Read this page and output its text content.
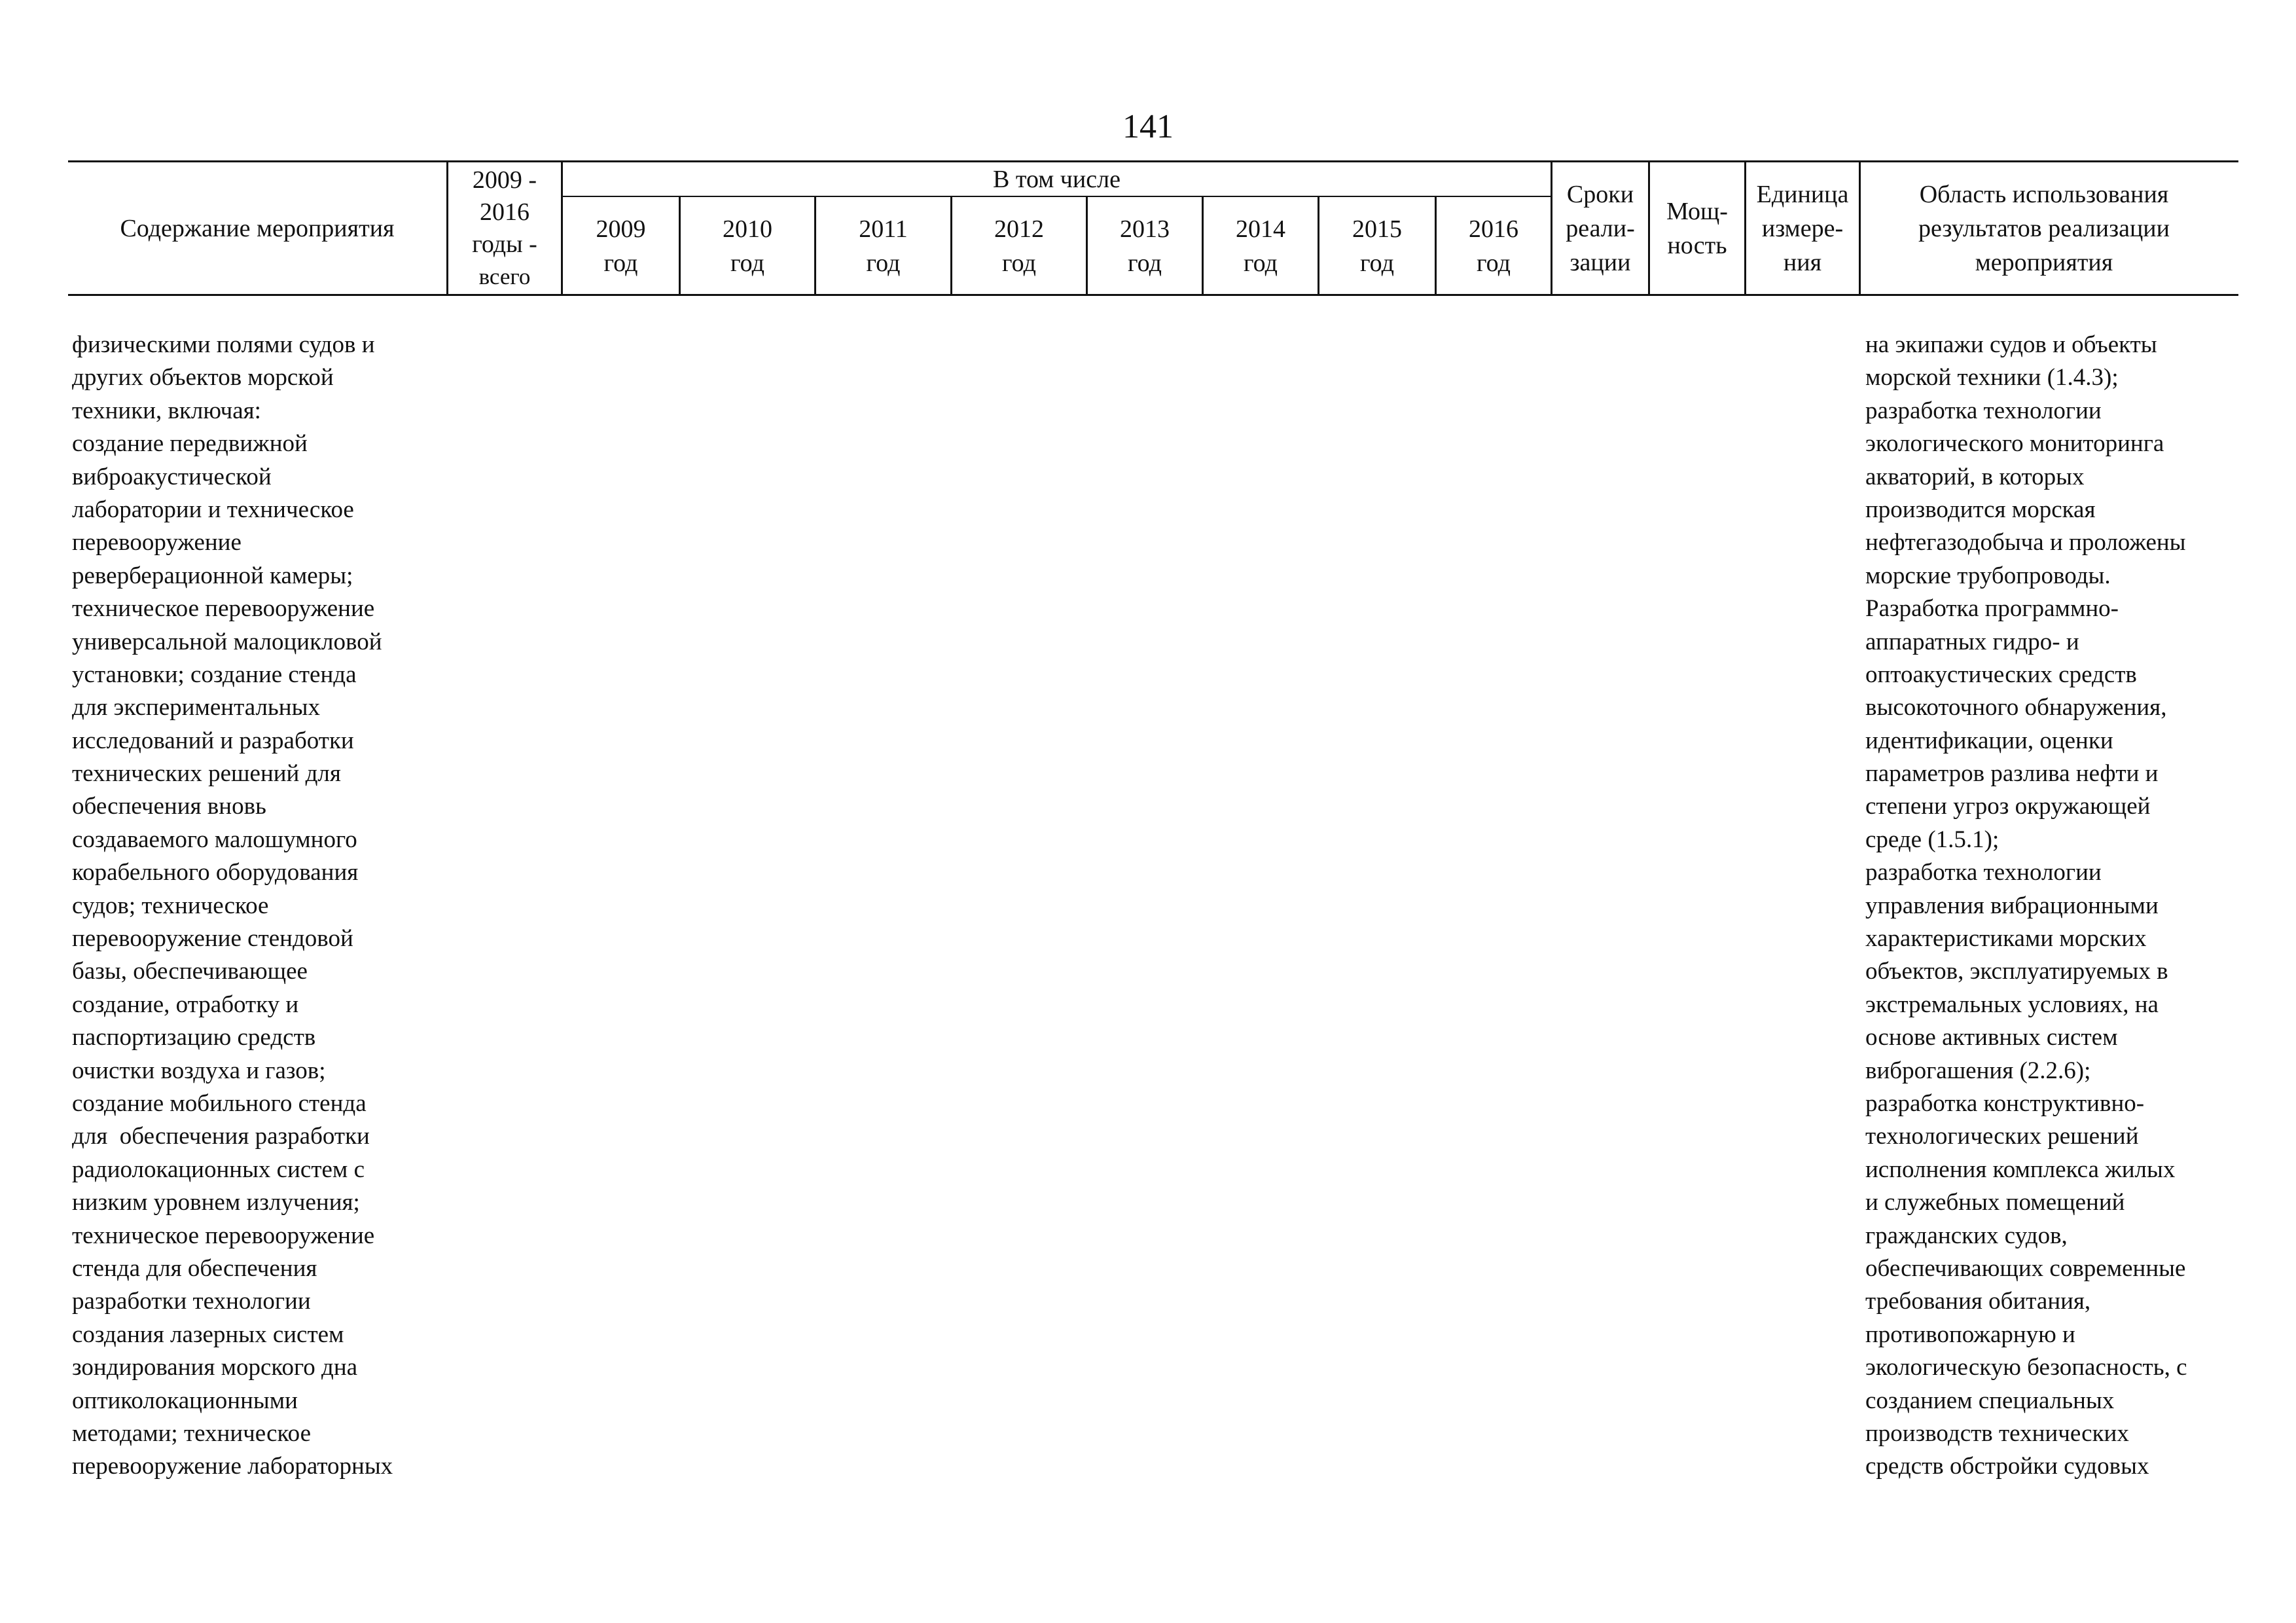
141
Содержание мероприятия
2009 -
2016
годы -
всего
В том числе
2009
год
2010
год
2011
год
2012
год
2013
год
2014
год
2015
год
2016
год
Сроки
реали-
зации
Мощ-
ность
Единица
измере-
ния
Область использования
результатов реализации
мероприятия
физическими полями судов и
других объектов морской
техники, включая:
создание передвижной
виброакустической
лаборатории и техническое
перевооружение
реверберационной камеры;
техническое перевооружение
универсальной малоцикловой
установки; создание стенда
для экспериментальных
исследований и разработки
технических решений для
обеспечения вновь
создаваемого малошумного
корабельного оборудования
судов; техническое
перевооружение стендовой
базы, обеспечивающее
создание, отработку и
паспортизацию средств
очистки воздуха и газов;
создание мобильного стенда
для  обеспечения разработки
радиолокационных систем с
низким уровнем излучения;
техническое перевооружение
стенда для обеспечения
разработки технологии
создания лазерных систем
зондирования морского дна
оптиколокационными
методами; техническое
перевооружение лабораторных
на экипажи судов и объекты
морской техники (1.4.3);
разработка технологии
экологического мониторинга
акваторий, в которых
производится морская
нефтегазодобыча и проложены
морские трубопроводы.
Разработка программно-
аппаратных гидро- и
оптоакустических средств
высокоточного обнаружения,
идентификации, оценки
параметров разлива нефти и
степени угроз окружающей
среде (1.5.1);
разработка технологии
управления вибрационными
характеристиками морских
объектов, эксплуатируемых в
экстремальных условиях, на
основе активных систем
виброгашения (2.2.6);
разработка конструктивно-
технологических решений
исполнения комплекса жилых
и служебных помещений
гражданских судов,
обеспечивающих современные
требования обитания,
противопожарную и
экологическую безопасность, с
созданием специальных
производств технических
средств обстройки судовых
